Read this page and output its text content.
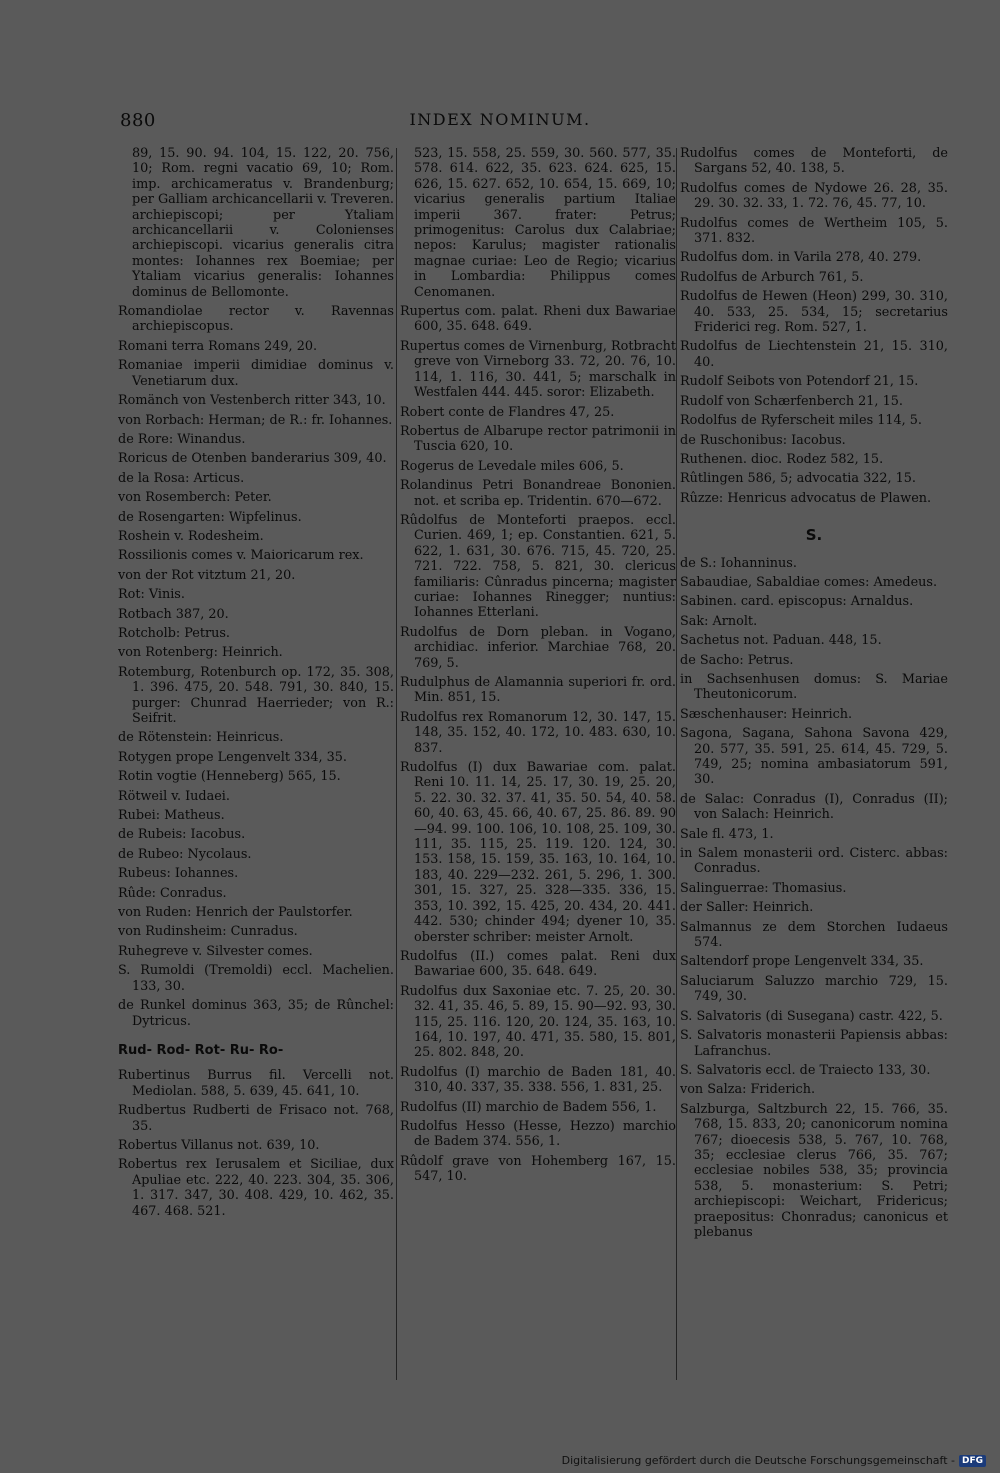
880	INDEX NOMINUM.
89, 15. 90. 94. 104, 15. 122, 20. 756, 10; Rom. regni vacatio 69, 10; Rom. imp. archicameratus v. Brandenburg; per Galliam archicancellarii v. Treveren. archiepiscopi; per Ytaliam archicancellarii v. Colonienses archiepiscopi. vicarius generalis citra montes: Iohannes rex Boemiae; per Ytaliam vicarius generalis: Iohannes dominus de Bellomonte.
Romandiolae rector v. Ravennas archiepiscopus.
Romani terra Romans 249, 20.
Romaniae imperii dimidiae dominus v. Venetiarum dux.
Romänch von Vestenberch ritter 343, 10.
von Rorbach: Herman; de R.: fr. Iohannes.
de Rore: Winandus.
Roricus de Otenben banderarius 309, 40.
de la Rosa: Articus.
von Rosemberch: Peter.
de Rosengarten: Wipfelinus.
Roshein v. Rodesheim.
Rossilionis comes v. Maioricarum rex.
von der Rot vitztum 21, 20.
Rot: Vinis.
Rotbach 387, 20.
Rotcholb: Petrus.
von Rotenberg: Heinrich.
Rotemburg, Rotenburch op. 172, 35. 308, 1. 396. 475, 20. 548. 791, 30. 840, 15. purger: Chunrad Haerrieder; von R.: Seifrit.
de Rötenstein: Heinricus.
Rotygen prope Lengenvelt 334, 35.
Rotin vogtie (Henneberg) 565, 15.
Rötweil v. Iudaei.
Rubei: Matheus.
de Rubeis: Iacobus.
de Rubeo: Nycolaus.
Rubeus: Iohannes.
Rûde: Conradus.
von Ruden: Henrich der Paulstorfer.
von Rudinsheim: Cunradus.
Ruhegreve v. Silvester comes.
S. Rumoldi (Tremoldi) eccl. Machelien. 133, 30.
de Runkel dominus 363, 35; de Rûnchel: Dytricus.
Rud- Rod- Rot- Ru- Ro-
Rubertinus Burrus fil. Vercelli not. Mediolan. 588, 5. 639, 45. 641, 10.
Rudbertus Rudberti de Frisaco not. 768, 35.
Robertus Villanus not. 639, 10.
Robertus rex Ierusalem et Siciliae, dux Apuliae etc. 222, 40. 223. 304, 35. 306, 1. 317. 347, 30. 408. 429, 10. 462, 35. 467. 468. 521.
523, 15. 558, 25. 559, 30. 560. 577, 35. 578. 614. 622, 35. 623. 624. 625, 15. 626, 15. 627. 652, 10. 654, 15. 669, 10; vicarius generalis partium Italiae imperii 367. frater: Petrus; primogenitus: Carolus dux Calabriae; nepos: Karulus; magister rationalis magnae curiae: Leo de Regio; vicarius in Lombardia: Philippus comes Cenomanen.
Rupertus com. palat. Rheni dux Bawariae 600, 35. 648. 649.
Rupertus comes de Virnenburg, Rotbracht greve von Virneborg 33. 72, 20. 76, 10. 114, 1. 116, 30. 441, 5; marschalk in Westfalen 444. 445. soror: Elizabeth.
Robert conte de Flandres 47, 25.
Robertus de Albarupe rector patrimonii in Tuscia 620, 10.
Rogerus de Levedale miles 606, 5.
Rolandinus Petri Bonandreae Bononien. not. et scriba ep. Tridentin. 670—672.
Rûdolfus de Monteforti praepos. eccl. Curien. 469, 1; ep. Constantien. 621, 5. 622, 1. 631, 30. 676. 715, 45. 720, 25. 721. 722. 758, 5. 821, 30. clericus familiaris: Cûnradus pincerna; magister curiae: Iohannes Rinegger; nuntius: Iohannes Etterlani.
Rudolfus de Dorn pleban. in Vogano, archidiac. inferior. Marchiae 768, 20. 769, 5.
Rudulphus de Alamannia superiori fr. ord. Min. 851, 15.
Rudolfus rex Romanorum 12, 30. 147, 15. 148, 35. 152, 40. 172, 10. 483. 630, 10. 837.
Rudolfus (I) dux Bawariae com. palat. Reni 10. 11. 14, 25. 17, 30. 19, 25. 20, 5. 22. 30. 32. 37. 41, 35. 50. 54, 40. 58. 60, 40. 63, 45. 66, 40. 67, 25. 86. 89. 90—94. 99. 100. 106, 10. 108, 25. 109, 30. 111, 35. 115, 25. 119. 120. 124, 30. 153. 158, 15. 159, 35. 163, 10. 164, 10. 183, 40. 229—232. 261, 5. 296, 1. 300. 301, 15. 327, 25. 328—335. 336, 15. 353, 10. 392, 15. 425, 20. 434, 20. 441. 442. 530; chinder 494; dyener 10, 35. oberster schriber: meister Arnolt.
Rudolfus (II.) comes palat. Reni dux Bawariae 600, 35. 648. 649.
Rudolfus dux Saxoniae etc. 7. 25, 20. 30. 32. 41, 35. 46, 5. 89, 15. 90—92. 93, 30. 115, 25. 116. 120, 20. 124, 35. 163, 10. 164, 10. 197, 40. 471, 35. 580, 15. 801, 25. 802. 848, 20.
Rudolfus (I) marchio de Baden 181, 40. 310, 40. 337, 35. 338. 556, 1. 831, 25.
Rudolfus (II) marchio de Badem 556, 1.
Rudolfus Hesso (Hesse, Hezzo) marchio de Badem 374. 556, 1.
Rûdolf grave von Hohemberg 167, 15. 547, 10.
Rudolfus comes de Monteforti, de Sargans 52, 40. 138, 5.
Rudolfus comes de Nydowe 26. 28, 35. 29. 30. 32. 33, 1. 72. 76, 45. 77, 10.
Rudolfus comes de Wertheim 105, 5. 371. 832.
Rudolfus dom. in Varila 278, 40. 279.
Rudolfus de Arburch 761, 5.
Rudolfus de Hewen (Heon) 299, 30. 310, 40. 533, 25. 534, 15; secretarius Friderici reg. Rom. 527, 1.
Rudolfus de Liechtenstein 21, 15. 310, 40.
Rudolf Seibots von Potendorf 21, 15.
Rudolf von Schærfenberch 21, 15.
Rodolfus de Ryferscheit miles 114, 5.
de Ruschonibus: Iacobus.
Ruthenen. dioc. Rodez 582, 15.
Rûtlingen 586, 5; advocatia 322, 15.
Rûzze: Henricus advocatus de Plawen.
S.
de S.: Iohanninus.
Sabaudiae, Sabaldiae comes: Amedeus.
Sabinen. card. episcopus: Arnaldus.
Sak: Arnolt.
Sachetus not. Paduan. 448, 15.
de Sacho: Petrus.
in Sachsenhusen domus: S. Mariae Theutonicorum.
Sæschenhauser: Heinrich.
Sagona, Sagana, Sahona Savona 429, 20. 577, 35. 591, 25. 614, 45. 729, 5. 749, 25; nomina ambasiatorum 591, 30.
de Salac: Conradus (I), Conradus (II); von Salach: Heinrich.
Sale fl. 473, 1.
in Salem monasterii ord. Cisterc. abbas: Conradus.
Salinguerrae: Thomasius.
der Saller: Heinrich.
Salmannus ze dem Storchen Iudaeus 574.
Saltendorf prope Lengenvelt 334, 35.
Saluciarum Saluzzo marchio 729, 15. 749, 30.
S. Salvatoris (di Susegana) castr. 422, 5.
S. Salvatoris monasterii Papiensis abbas: Lafranchus.
S. Salvatoris eccl. de Traiecto 133, 30.
von Salza: Friderich.
Salzburga, Saltzburch 22, 15. 766, 35. 768, 15. 833, 20; canonicorum nomina 767; dioecesis 538, 5. 767, 10. 768, 35; ecclesiae clerus 766, 35. 767; ecclesiae nobiles 538, 35; provincia 538, 5. monasterium: S. Petri; archiepiscopi: Weichart, Fridericus; praepositus: Chonradus; canonicus et plebanus
Digitalisierung gefördert durch die Deutsche Forschungsgemeinschaft - DFG
